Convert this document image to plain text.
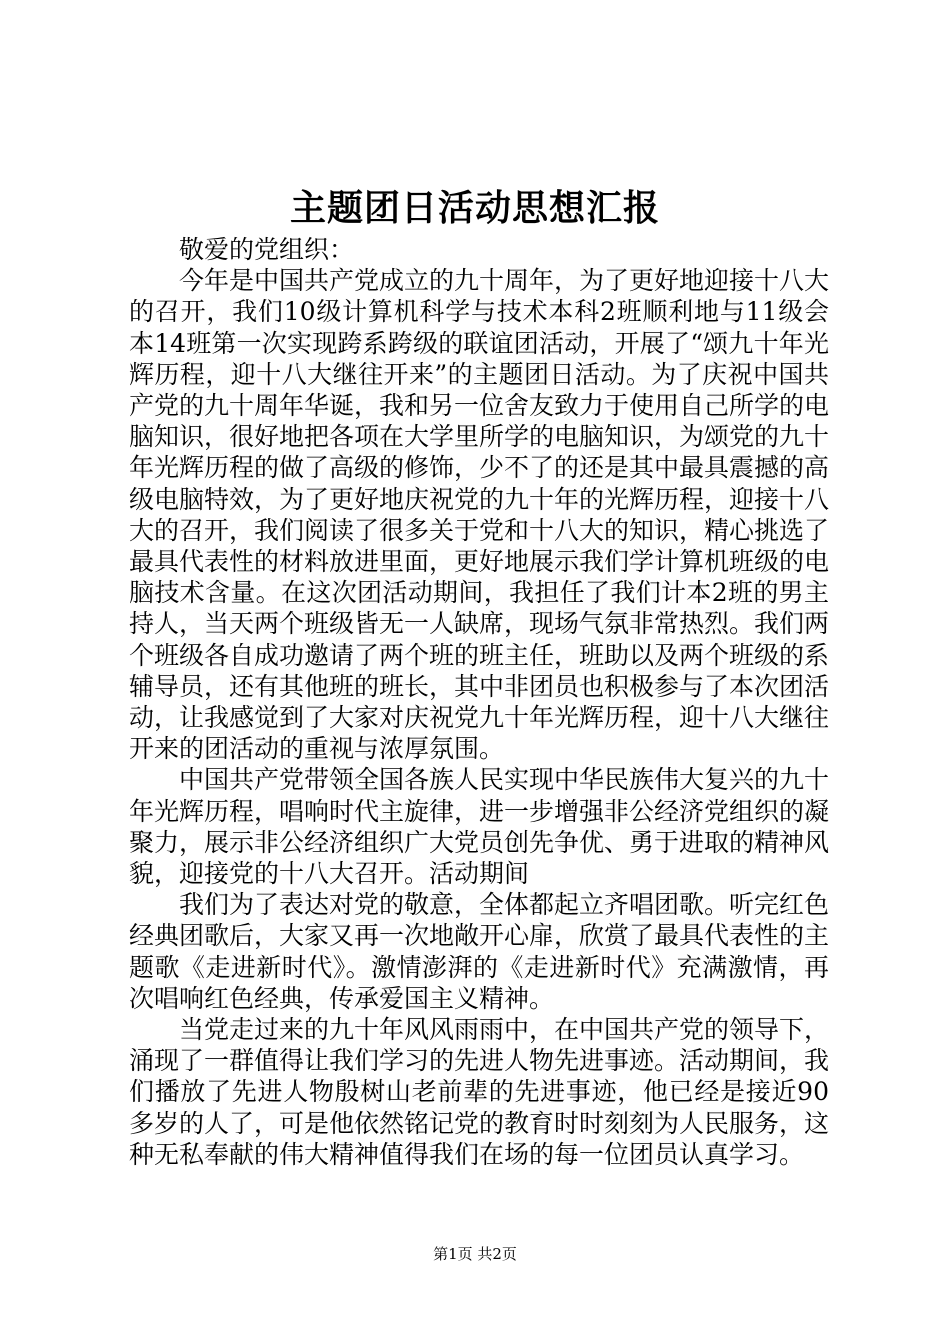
主题团日活动思想汇报

敬爱的党组织：

今年是中国共产党成立的九十周年，为了更好地迎接十八大的召开，我们10级计算机科学与技术本科2班顺利地与11级会本14班第一次实现跨系跨级的联谊团活动，开展了“颂九十年光辉历程，迎十八大继往开来”的主题团日活动。为了庆祝中国共产党的九十周年华诞，我和另一位舍友致力于使用自己所学的电脑知识，很好地把各项在大学里所学的电脑知识，为颂党的九十年光辉历程的做了高级的修饰，少不了的还是其中最具震撼的高级电脑特效，为了更好地庆祝党的九十年的光辉历程，迎接十八大的召开，我们阅读了很多关于党和十八大的知识，精心挑选了最具代表性的材料放进里面，更好地展示我们学计算机班级的电脑技术含量。在这次团活动期间，我担任了我们计本2班的男主持人，当天两个班级皆无一人缺席，现场气氛非常热烈。我们两个班级各自成功邀请了两个班的班主任，班助以及两个班级的系辅导员，还有其他班的班长，其中非团员也积极参与了本次团活动，让我感觉到了大家对庆祝党九十年光辉历程，迎十八大继往开来的团活动的重视与浓厚氛围。

中国共产党带领全国各族人民实现中华民族伟大复兴的九十年光辉历程，唱响时代主旋律，进一步增强非公经济党组织的凝聚力，展示非公经济组织广大党员创先争优、勇于进取的精神风貌，迎接党的十八大召开。活动期间

我们为了表达对党的敬意，全体都起立齐唱团歌。听完红色经典团歌后，大家又再一次地敞开心扉，欣赏了最具代表性的主题歌《走进新时代》。激情澎湃的《走进新时代》充满激情，再次唱响红色经典，传承爱国主义精神。

当党走过来的九十年风风雨雨中，在中国共产党的领导下，涌现了一群值得让我们学习的先进人物先进事迹。活动期间，我们播放了先进人物殷树山老前辈的先进事迹，他已经是接近90多岁的人了，可是他依然铭记党的教育时时刻刻为人民服务，这种无私奉献的伟大精神值得我们在场的每一位团员认真学习。

第1页 共2页
